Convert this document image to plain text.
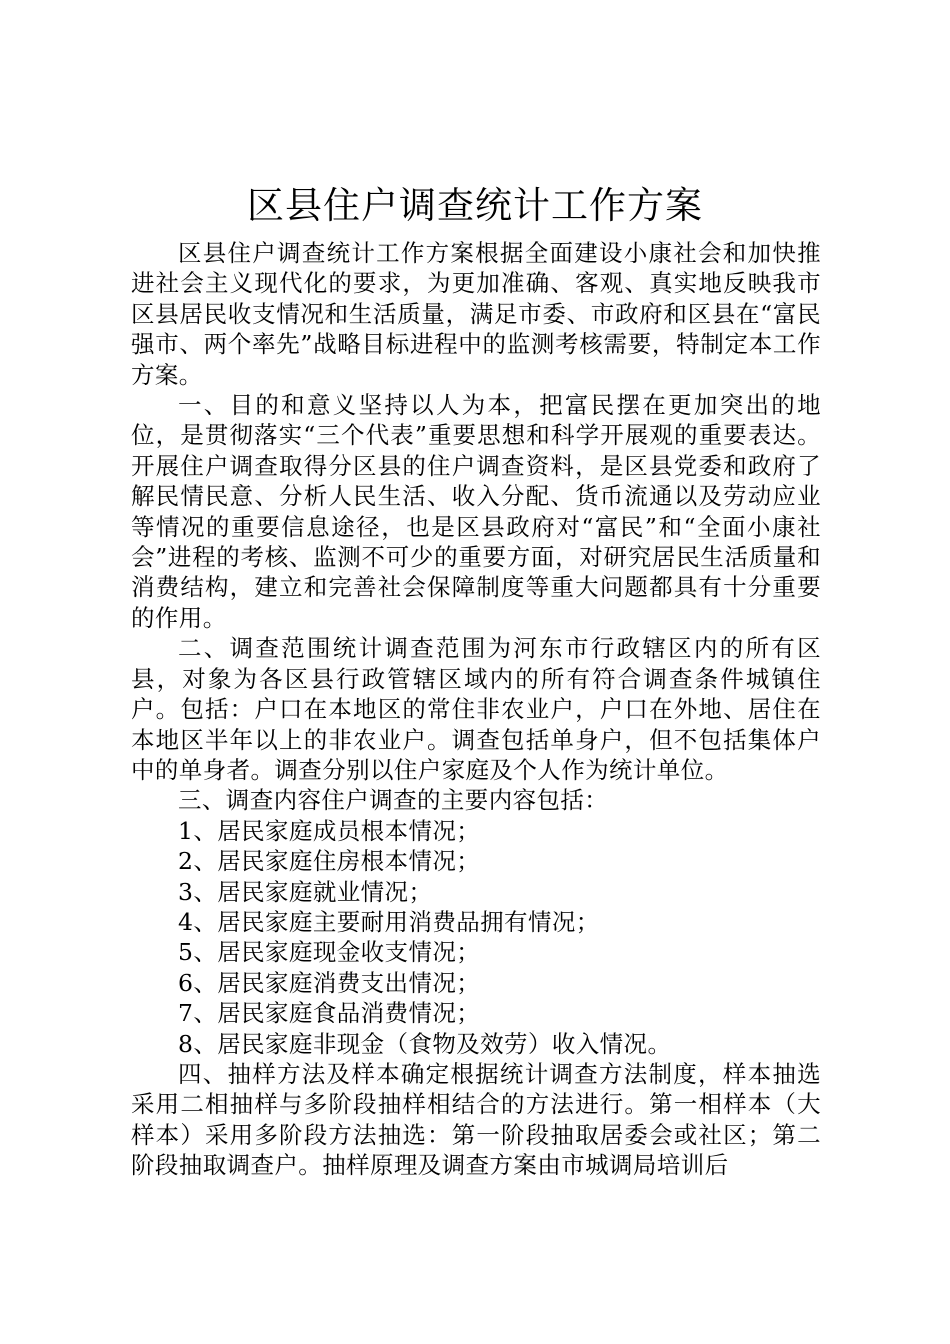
区县住户调查统计工作方案

区县住户调查统计工作方案根据全面建设小康社会和加快推进社会主义现代化的要求，为更加准确、客观、真实地反映我市区县居民收支情况和生活质量，满足市委、市政府和区县在“富民强市、两个率先”战略目标进程中的监测考核需要，特制定本工作方案。

一、目的和意义坚持以人为本，把富民摆在更加突出的地位，是贯彻落实“三个代表”重要思想和科学开展观的重要表达。开展住户调查取得分区县的住户调查资料，是区县党委和政府了解民情民意、分析人民生活、收入分配、货币流通以及劳动应业等情况的重要信息途径，也是区县政府对“富民”和“全面小康社会”进程的考核、监测不可少的重要方面，对研究居民生活质量和消费结构，建立和完善社会保障制度等重大问题都具有十分重要的作用。

二、调查范围统计调查范围为河东市行政辖区内的所有区县，对象为各区县行政管辖区域内的所有符合调查条件城镇住户。包括：户口在本地区的常住非农业户，户口在外地、居住在本地区半年以上的非农业户。调查包括单身户，但不包括集体户中的单身者。调查分别以住户家庭及个人作为统计单位。

三、调查内容住户调查的主要内容包括：

1、居民家庭成员根本情况；

2、居民家庭住房根本情况；

3、居民家庭就业情况；

4、居民家庭主要耐用消费品拥有情况；

5、居民家庭现金收支情况；

6、居民家庭消费支出情况；

7、居民家庭食品消费情况；

8、居民家庭非现金（食物及效劳）收入情况。

四、抽样方法及样本确定根据统计调查方法制度，样本抽选采用二相抽样与多阶段抽样相结合的方法进行。第一相样本（大样本）采用多阶段方法抽选：第一阶段抽取居委会或社区；第二阶段抽取调查户。抽样原理及调查方案由市城调局培训后
